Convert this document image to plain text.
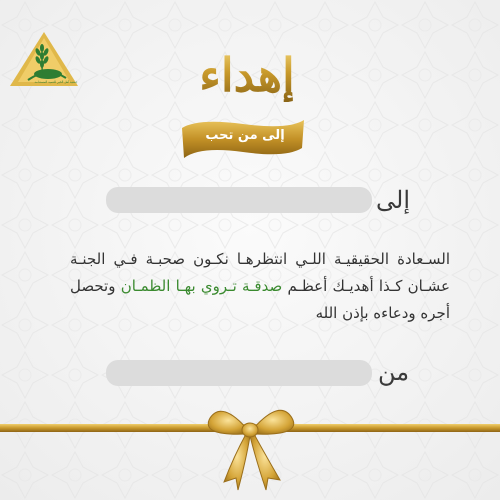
جمعية أهل الخير للتنمية المستدامة	إهداء
إلى من تحب
إلى
السـعادة الحقيقيـة اللـي انتظرهـا نكـون صحبـة فـي الجنـة عشـان كـذا أهديـك أعظـم صدقـة تـروي بهـا الظمـان وتحصل أجره ودعاءه بإذن الله
من
